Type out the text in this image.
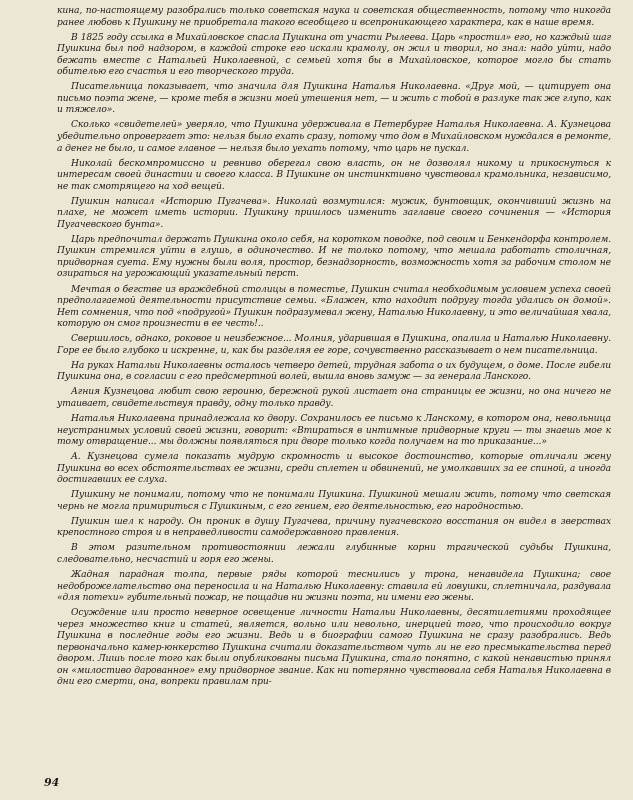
кина, по-настоящему разобрались только советская наука и советская общественность, потому что никогда ранее любовь к Пушкину не приобретала такого всеобщего и всепроникающего характера, как в наше время.

В 1825 году ссылка в Михайловское спасла Пушкина от участи Рылеева. Царь «простил» его, но каждый шаг Пушкина был под надзором, в каждой строке его искали крамолу, он жил и творил, но знал: надо уйти, надо бежать вместе с Натальей Николаевной, с семьей хотя бы в Михайловское, которое могло бы стать обителью его счастья и его творческого труда.

Писательница показывает, что значила для Пушкина Наталья Николаевна. «Друг мой, — цитирует она письмо поэта жене, — кроме тебя в жизни моей утешения нет, — и жить с тобой в разлуке так же глупо, как и тяжело».

Сколько «свидетелей» уверяло, что Пушкина удерживала в Петербурге Наталья Николаевна. А. Кузнецова убедительно опровергает это: нельзя было ехать сразу, потому что дом в Михайловском нуждался в ремонте, а денег не было, и самое главное — нельзя было уехать потому, что царь не пускал.

Николай бескомпромиссно и ревниво оберегал свою власть, он не дозволял никому и прикоснуться к интересам своей династии и своего класса. В Пушкине он инстинктивно чувствовал крамольника, независимо, не так смотрящего на ход вещей.

Пушкин написал «Историю Пугачева». Николай возмутился: мужик, бунтовщик, окончивший жизнь на плахе, не может иметь истории. Пушкину пришлось изменить заглавие своего сочинения — «История Пугачевского бунта».

Царь предпочитал держать Пушкина около себя, на коротком поводке, под своим и Бенкендорфа контролем. Пушкин стремился уйти в глушь, в одиночество. И не только потому, что мешала работать столичная, придворная суета. Ему нужны были воля, простор, безнадзорность, возможность хотя за рабочим столом не озираться на угрожающий указательный перст.

Мечтая о бегстве из враждебной столицы в поместье, Пушкин считал необходимым условием успеха своей предполагаемой деятельности присутствие семьи. «Блажен, кто находит подругу тогда удались он домой». Нет сомнения, что под «подругой» Пушкин подразумевал жену, Наталью Николаевну, и это величайшая хвала, которую он смог произнести в ее честь!..

Свершилось, однако, роковое и неизбежное... Молния, ударившая в Пушкина, опалила и Наталью Николаевну. Горе ее было глубоко и искренне, и, как бы разделяя ее горе, сочувственно рассказывает о нем писательница.

На руках Натальи Николаевны осталось четверо детей, трудная забота о их будущем, о доме. После гибели Пушкина она, в согласии с его предсмертной волей, вышла вновь замуж — за генерала Ланского.

Агния Кузнецова любит свою героиню, бережной рукой листает она страницы ее жизни, но она ничего не утаивает, свидетельствуя правду, одну только правду.

Наталья Николаевна принадлежала ко двору. Сохранилось ее письмо к Ланскому, в котором она, невольница неустранимых условий своей жизни, говорит: «Втираться в интимные придворные круги — ты знаешь мое к тому отвращение... мы должны появляться при дворе только когда получаем на то приказание...»

А. Кузнецова сумела показать мудрую скромность и высокое достоинство, которые отличали жену Пушкина во всех обстоятельствах ее жизни, среди сплетен и обвинений, не умолкавших за ее спиной, а иногда достигавших ее слуха.

Пушкину не понимали, потому что не понимали Пушкина. Пушкиной мешали жить, потому что светская чернь не могла примириться с Пушкиным, с его гением, его деятельностью, его народностью.

Пушкин шел к народу. Он проник в душу Пугачева, причину пугачевского восстания он видел в зверствах крепостного строя и в неправедливости самодержавного правления.

В этом разительном противостоянии лежали глубинные корни трагической судьбы Пушкина, следовательно, несчастий и горя его жены.

Жадная парадная толпа, первые ряды которой теснились у трона, ненавидела Пушкина; свое недоброжелательство она переносила и на Наталью Николаевну: ставила ей ловушки, сплетничала, раздувала «для потехи» губительный пожар, не пощадив ни жизни поэта, ни имени его жены.

Осуждение или просто неверное освещение личности Натальи Николаевны, десятилетиями проходящее через множество книг и статей, является, вольно или невольно, инерцией того, что происходило вокруг Пушкина в последние годы его жизни. Ведь и в биографии самого Пушкина не сразу разобрались. Ведь первоначально камер-юнкерство Пушкина считали доказательством чуть ли не его пресмыкательства перед двором. Лишь после того как были опубликованы письма Пушкина, стало понятно, с какой ненавистью принял он «милостиво дарованное» ему придворное звание. Как ни потерянно чувствовала себя Наталья Николаевна в дни его смерти, она, вопреки правилам при-

94
